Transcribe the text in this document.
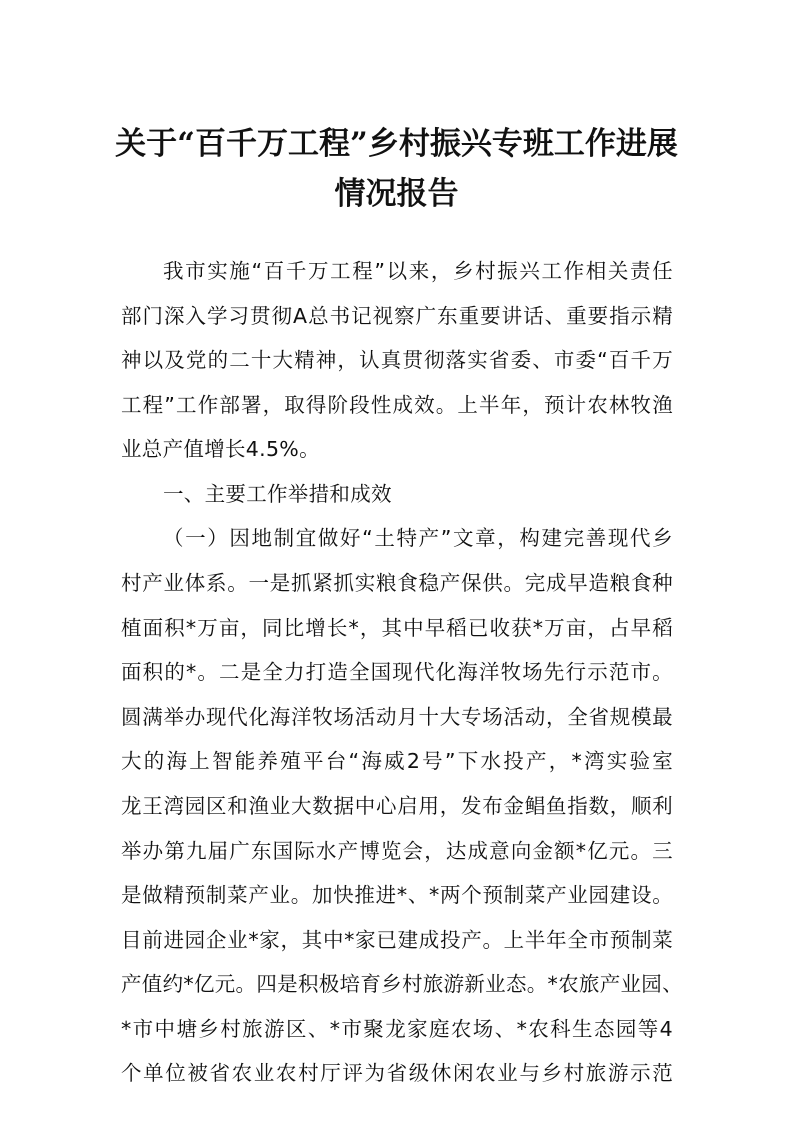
关于“百千万工程”乡村振兴专班工作进展
情况报告
我市实施“百千万工程”以来，乡村振兴工作相关责任
部门深入学习贯彻A总书记视察广东重要讲话、重要指示精
神以及党的二十大精神，认真贯彻落实省委、市委“百千万
工程”工作部署，取得阶段性成效。上半年，预计农林牧渔
业总产值增长4.5%。
一、主要工作举措和成效
（一）因地制宜做好“土特产”文章，构建完善现代乡
村产业体系。一是抓紧抓实粮食稳产保供。完成早造粮食种
植面积*万亩，同比增长*，其中早稻已收获*万亩，占早稻
面积的*。二是全力打造全国现代化海洋牧场先行示范市。
圆满举办现代化海洋牧场活动月十大专场活动，全省规模最
大的海上智能养殖平台“海威2号”下水投产，*湾实验室
龙王湾园区和渔业大数据中心启用，发布金鲳鱼指数，顺利
举办第九届广东国际水产博览会，达成意向金额*亿元。三
是做精预制菜产业。加快推进*、*两个预制菜产业园建设。
目前进园企业*家，其中*家已建成投产。上半年全市预制菜
产值约*亿元。四是积极培育乡村旅游新业态。*农旅产业园、
*市中塘乡村旅游区、*市聚龙家庭农场、*农科生态园等4
个单位被省农业农村厅评为省级休闲农业与乡村旅游示范
